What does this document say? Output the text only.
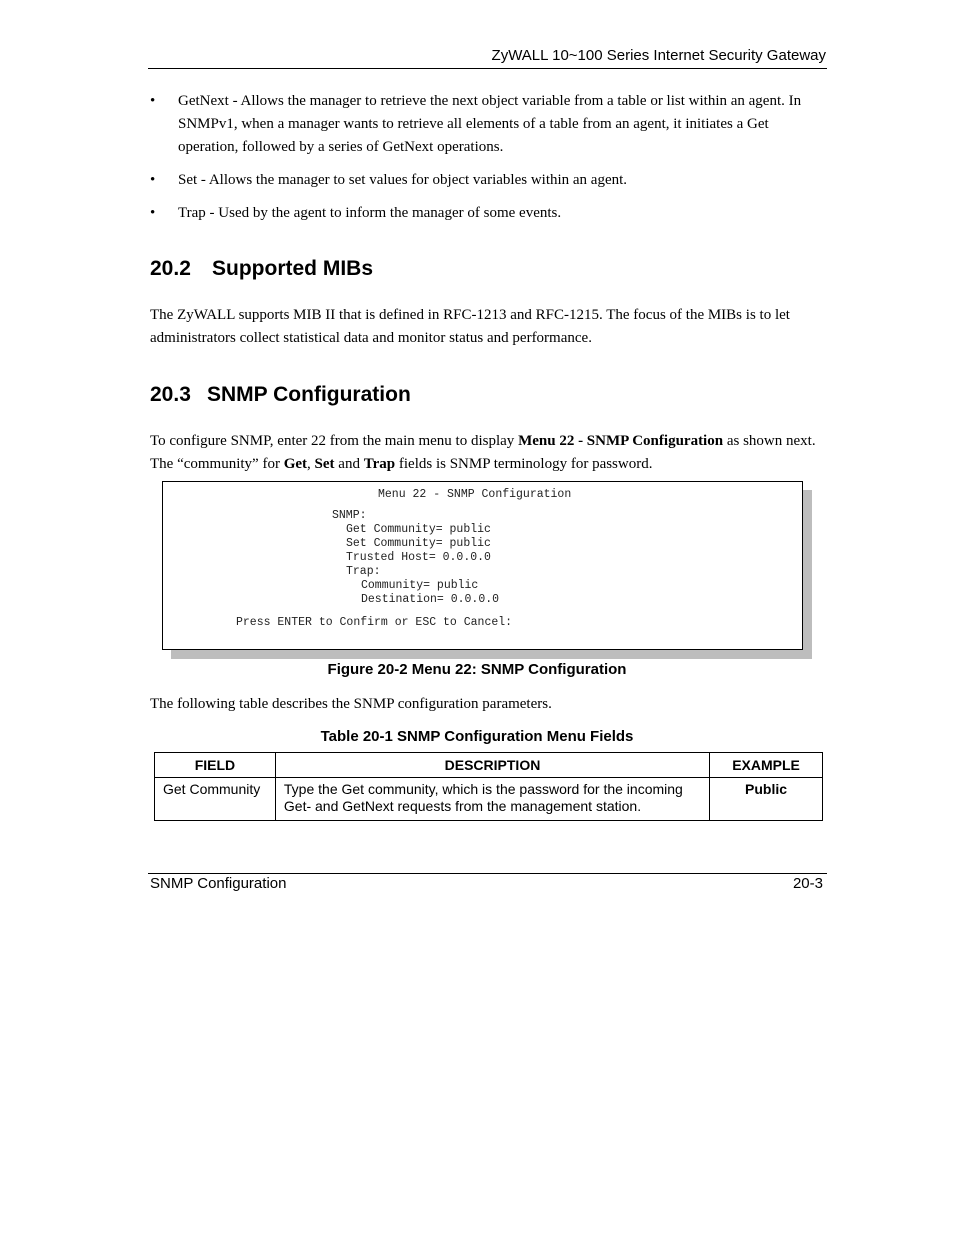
ZyWALL 10~100 Series Internet Security Gateway
• GetNext - Allows the manager to retrieve the next object variable from a table or list within an agent. In SNMPv1, when a manager wants to retrieve all elements of a table from an agent, it initiates a Get operation, followed by a series of GetNext operations.
• Set - Allows the manager to set values for object variables within an agent.
• Trap - Used by the agent to inform the manager of some events.
20.2 Supported MIBs

The ZyWALL supports MIB II that is defined in RFC-1213 and RFC-1215. The focus of the MIBs is to let administrators collect statistical data and monitor status and performance.

20.3 SNMP Configuration

To configure SNMP, enter 22 from the main menu to display Menu 22 - SNMP Configuration as shown next. The “community” for Get, Set and Trap fields is SNMP terminology for password.

Menu 22 - SNMP Configuration
SNMP:
Get Community= public
Set Community= public
Trusted Host= 0.0.0.0
Trap:
Community= public
Destination= 0.0.0.0
Press ENTER to Confirm or ESC to Cancel:
Figure 20-2 Menu 22: SNMP Configuration

The following table describes the SNMP configuration parameters.

Table 20-1 SNMP Configuration Menu Fields
FIELD	DESCRIPTION	EXAMPLE
Get Community	Type the Get community, which is the password for the incoming Get- and GetNext requests from the management station.	Public
SNMP Configuration	20-3
